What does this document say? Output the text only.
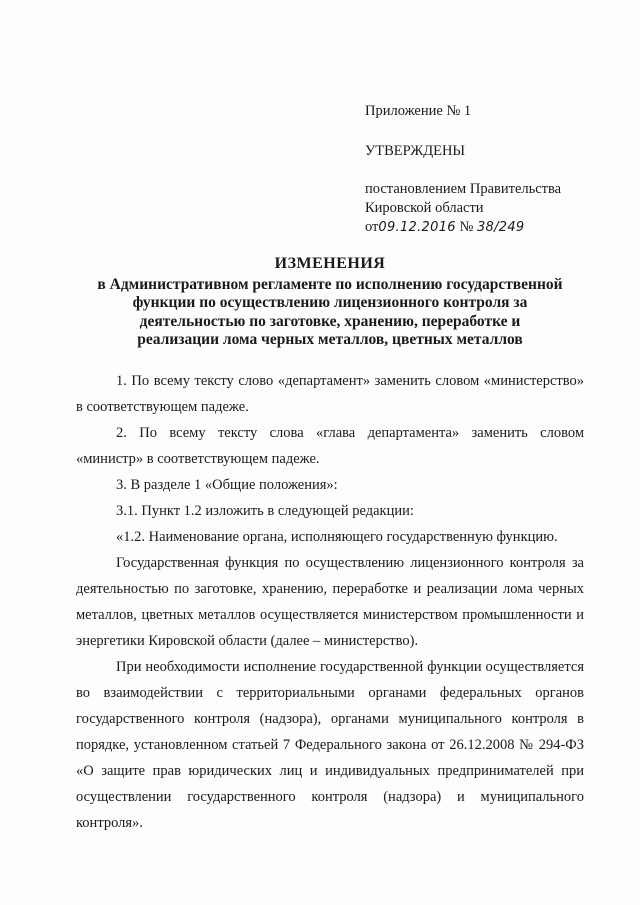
Приложение № 1
УТВЕРЖДЕНЫ
постановлением Правительства
Кировской области
от09.12.2016 № 38/249
ИЗМЕНЕНИЯ
в Административном регламенте по исполнению государственной
функции по осуществлению лицензионного контроля за
деятельностью по заготовке, хранению, переработке и
реализации лома черных металлов, цветных металлов

1. По всему тексту слово «департамент» заменить словом «министерство» в соответствующем падеже.

2. По всему тексту слова «глава департамента» заменить словом «министр» в соответствующем падеже.

3. В разделе 1 «Общие положения»:

3.1. Пункт 1.2 изложить в следующей редакции:

«1.2. Наименование органа, исполняющего государственную функцию.

Государственная функция по осуществлению лицензионного контроля за деятельностью по заготовке, хранению, переработке и реализации лома черных металлов, цветных металлов осуществляется министерством промышленности и энергетики Кировской области (далее – министерство).

При необходимости исполнение государственной функции осуществляется во взаимодействии с территориальными органами федеральных органов государственного контроля (надзора), органами муниципального контроля в порядке, установленном статьей 7 Федерального закона от 26.12.2008 № 294-ФЗ «О защите прав юридических лиц и индивидуальных предпринимателей при осуществлении государственного контроля (надзора) и муниципального контроля».
